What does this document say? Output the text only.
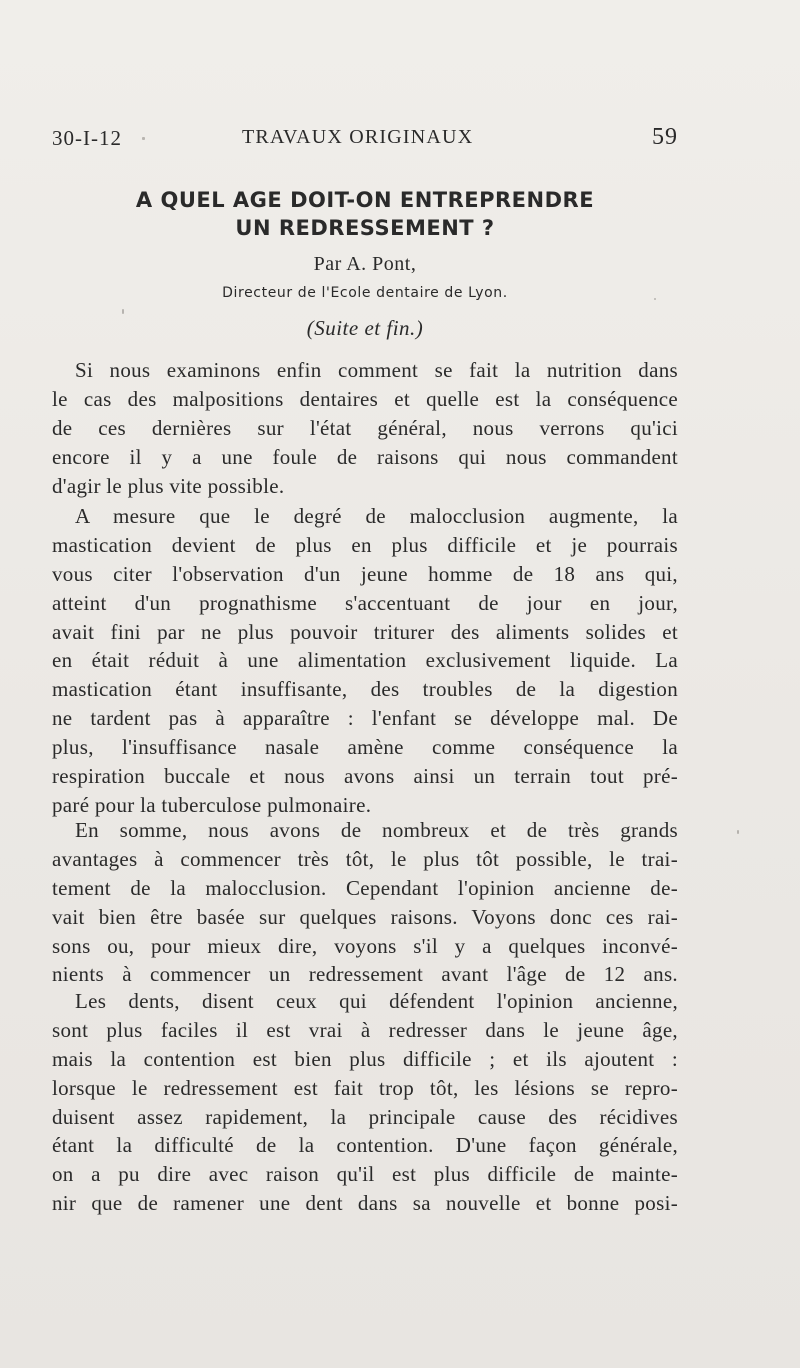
30-I-12	TRAVAUX ORIGINAUX	59
A QUEL AGE DOIT-ON ENTREPRENDRE
UN REDRESSEMENT ?
Par A. Pont,
Directeur de l'Ecole dentaire de Lyon.
(Suite et fin.)
Si nous examinons enfin comment se fait la nutrition dans
le cas des malpositions dentaires et quelle est la conséquence
de ces dernières sur l'état général, nous verrons qu'ici
encore il y a une foule de raisons qui nous commandent
d'agir le plus vite possible.
A mesure que le degré de malocclusion augmente, la
mastication devient de plus en plus difficile et je pourrais
vous citer l'observation d'un jeune homme de 18 ans qui,
atteint d'un prognathisme s'accentuant de jour en jour,
avait fini par ne plus pouvoir triturer des aliments solides et
en était réduit à une alimentation exclusivement liquide. La
mastication étant insuffisante, des troubles de la digestion
ne tardent pas à apparaître : l'enfant se développe mal. De
plus, l'insuffisance nasale amène comme conséquence la
respiration buccale et nous avons ainsi un terrain tout pré-
paré pour la tuberculose pulmonaire.
En somme, nous avons de nombreux et de très grands
avantages à commencer très tôt, le plus tôt possible, le trai-
tement de la malocclusion. Cependant l'opinion ancienne de-
vait bien être basée sur quelques raisons. Voyons donc ces rai-
sons ou, pour mieux dire, voyons s'il y a quelques inconvé-
nients à commencer un redressement avant l'âge de 12 ans.
Les dents, disent ceux qui défendent l'opinion ancienne,
sont plus faciles il est vrai à redresser dans le jeune âge,
mais la contention est bien plus difficile ; et ils ajoutent :
lorsque le redressement est fait trop tôt, les lésions se repro-
duisent assez rapidement, la principale cause des récidives
étant la difficulté de la contention. D'une façon générale,
on a pu dire avec raison qu'il est plus difficile de mainte-
nir que de ramener une dent dans sa nouvelle et bonne posi-
